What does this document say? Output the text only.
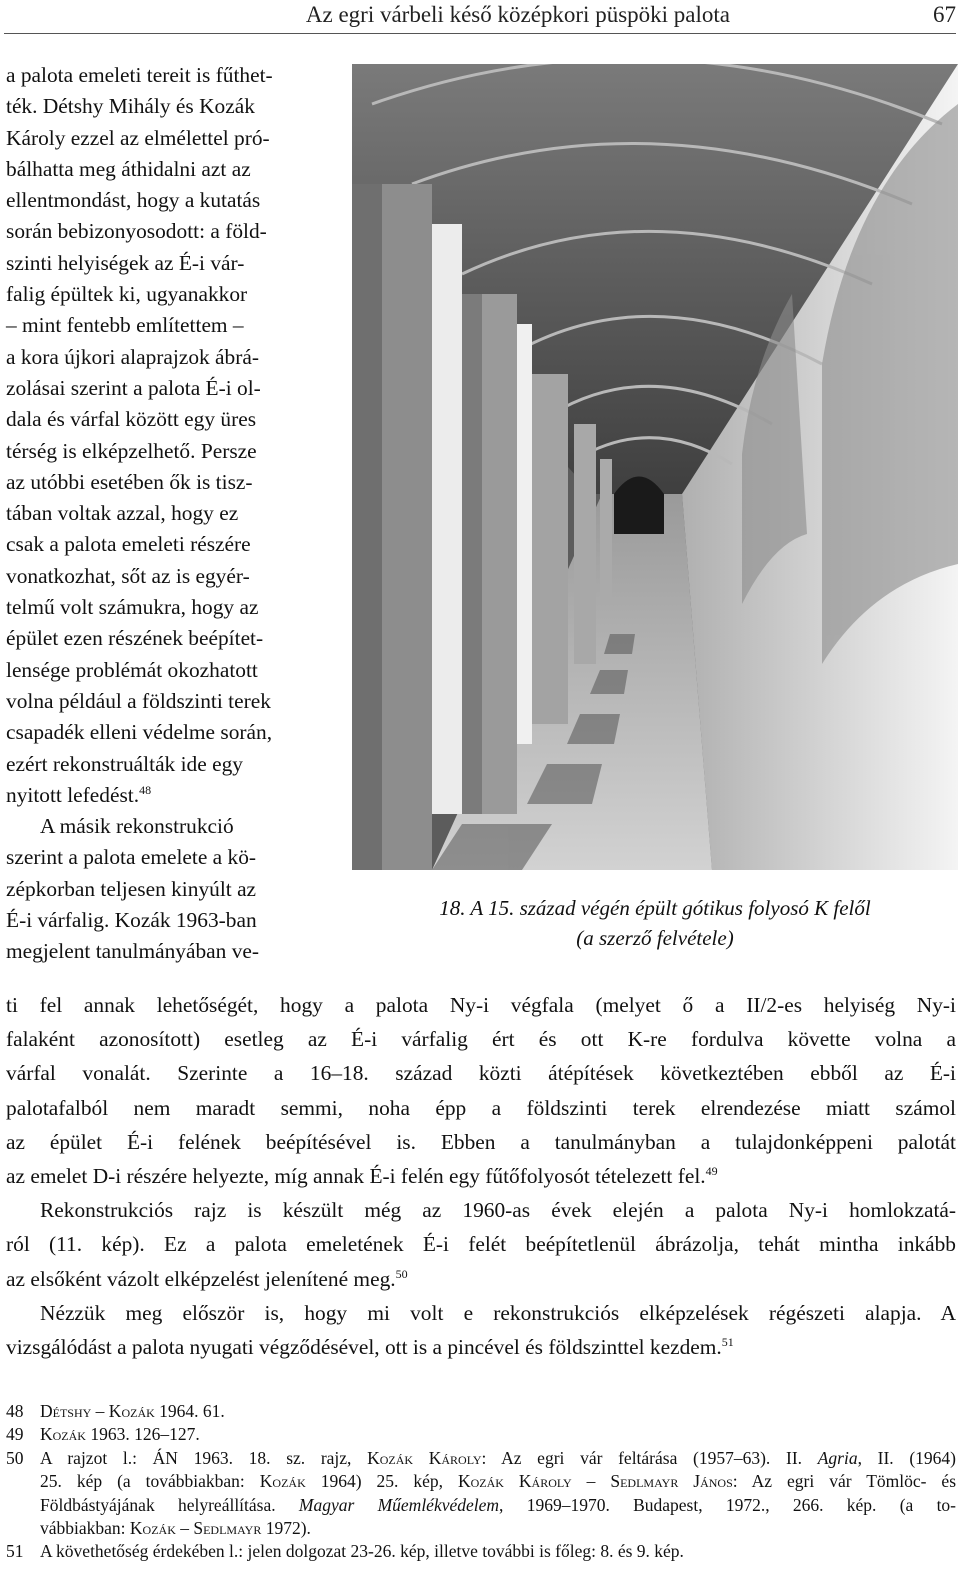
Az egri várbeli késő középkori püspöki palota	67
a palota emeleti tereit is fűthet-
ték. Détshy Mihály és Kozák
Károly ezzel az elmélettel pró-
bálhatta meg áthidalni azt az
ellentmondást, hogy a kutatás
során bebizonyosodott: a föld-
szinti helyiségek az É-i vár-
falig épültek ki, ugyanakkor
– mint fentebb említettem –
a kora újkori alaprajzok ábrá-
zolásai szerint a palota É-i ol-
dala és várfal között egy üres
térség is elképzelhető. Persze
az utóbbi esetében ők is tisz-
tában voltak azzal, hogy ez
csak a palota emeleti részére
vonatkozhat, sőt az is egyér-
telmű volt számukra, hogy az
épület ezen részének beépítet-
lensége problémát okozhatott
volna például a földszinti terek
csapadék elleni védelme során,
ezért rekonstruálták ide egy
nyitott lefedést.$^{48}$
A másik rekonstrukció
szerint a palota emelete a kö-
zépkorban teljesen kinyúlt az
É-i várfalig. Kozák 1963-ban
megjelent tanulmányában ve-
18. A 15. század végén épült gótikus folyosó K felől
(a szerző felvétele)
ti fel annak lehetőségét, hogy a palota Ny-i végfala (melyet ő a II/2-es helyiség Ny-i
falaként azonosított) esetleg az É-i várfalig ért és ott K-re fordulva követte volna a
várfal vonalát. Szerinte a 16–18. század közti átépítések következtében ebből az É-i
palotafalból nem maradt semmi, noha épp a földszinti terek elrendezése miatt számol
az épület É-i felének beépítésével is. Ebben a tanulmányban a tulajdonképpeni palotát
az emelet D-i részére helyezte, míg annak É-i felén egy fűtőfolyosót tételezett fel.$^{49}$
Rekonstrukciós rajz is készült még az 1960-as évek elején a palota Ny-i homlokzatá-
ról (11. kép). Ez a palota emeletének É-i felét beépítetlenül ábrázolja, tehát mintha inkább
az elsőként vázolt elképzelést jelenítené meg.$^{50}$
Nézzük meg először is, hogy mi volt e rekonstrukciós elképzelések régészeti alapja. A
vizsgálódást a palota nyugati végződésével, ott is a pincével és földszinttel kezdem.$^{51}$
48 Détshy – Kozák 1964. 61.
49 Kozák 1963. 126–127.
50 A rajzot l.: ÁN 1963. 18. sz. rajz, Kozák Károly: Az egri vár feltárása (1957–63). II. Agria, II. (1964)
25. kép (a továbbiakban: Kozák 1964) 25. kép, Kozák Károly – Sedlmayr János: Az egri vár Tömlöc- és
Földbástyájának helyreállítása. Magyar Műemlékvédelem, 1969–1970. Budapest, 1972., 266. kép. (a to-
vábbiakban: Kozák – Sedlmayr 1972).
51 A követhetőség érdekében l.: jelen dolgozat 23-26. kép, illetve további is főleg: 8. és 9. kép.
